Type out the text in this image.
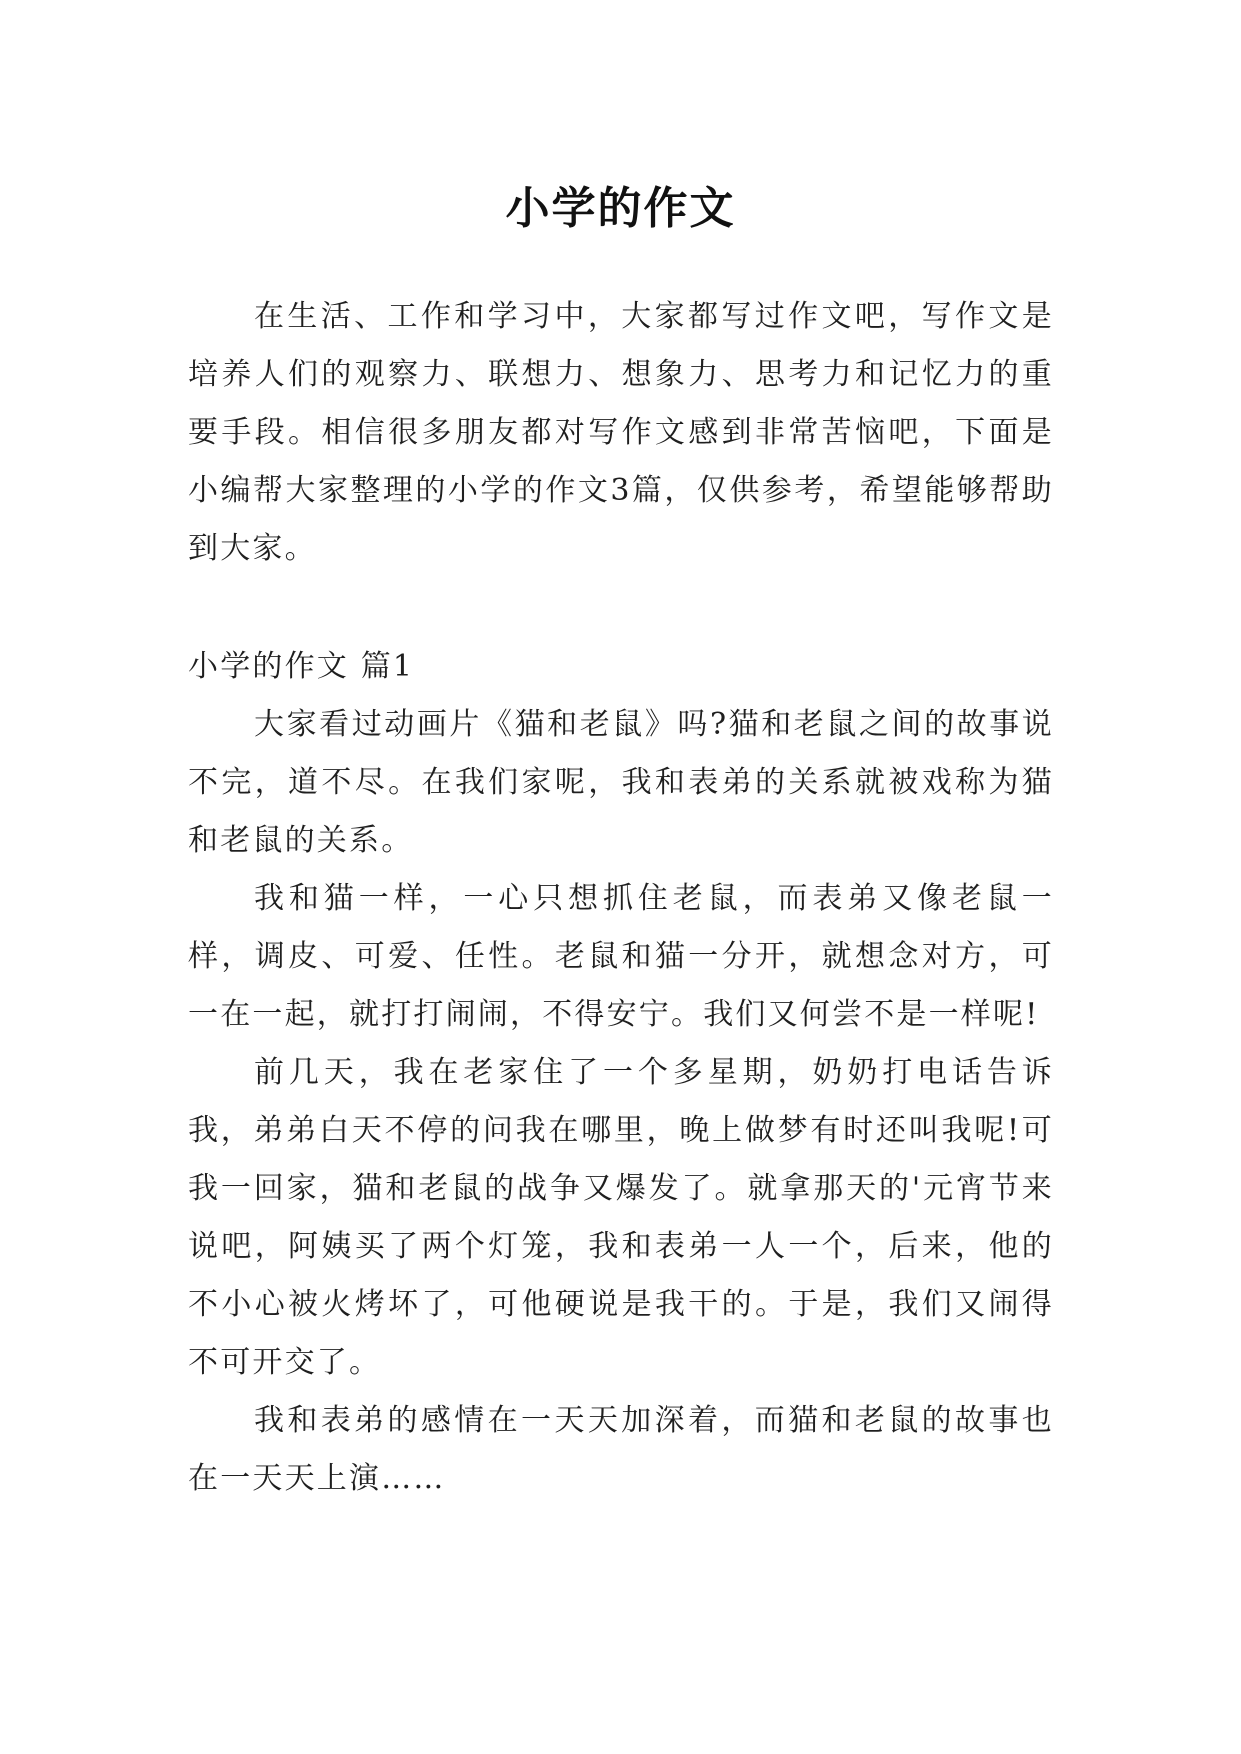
小学的作文

在生活、工作和学习中，大家都写过作文吧，写作文是培养人们的观察力、联想力、想象力、思考力和记忆力的重要手段。相信很多朋友都对写作文感到非常苦恼吧，下面是小编帮大家整理的小学的作文3篇，仅供参考，希望能够帮助到大家。

小学的作文 篇1

大家看过动画片《猫和老鼠》吗?猫和老鼠之间的故事说不完，道不尽。在我们家呢，我和表弟的关系就被戏称为猫和老鼠的关系。

我和猫一样，一心只想抓住老鼠，而表弟又像老鼠一样，调皮、可爱、任性。老鼠和猫一分开，就想念对方，可一在一起，就打打闹闹，不得安宁。我们又何尝不是一样呢!

前几天，我在老家住了一个多星期，奶奶打电话告诉我，弟弟白天不停的问我在哪里，晚上做梦有时还叫我呢!可我一回家，猫和老鼠的战争又爆发了。就拿那天的'元宵节来说吧，阿姨买了两个灯笼，我和表弟一人一个，后来，他的不小心被火烤坏了，可他硬说是我干的。于是，我们又闹得不可开交了。

我和表弟的感情在一天天加深着，而猫和老鼠的故事也在一天天上演……
